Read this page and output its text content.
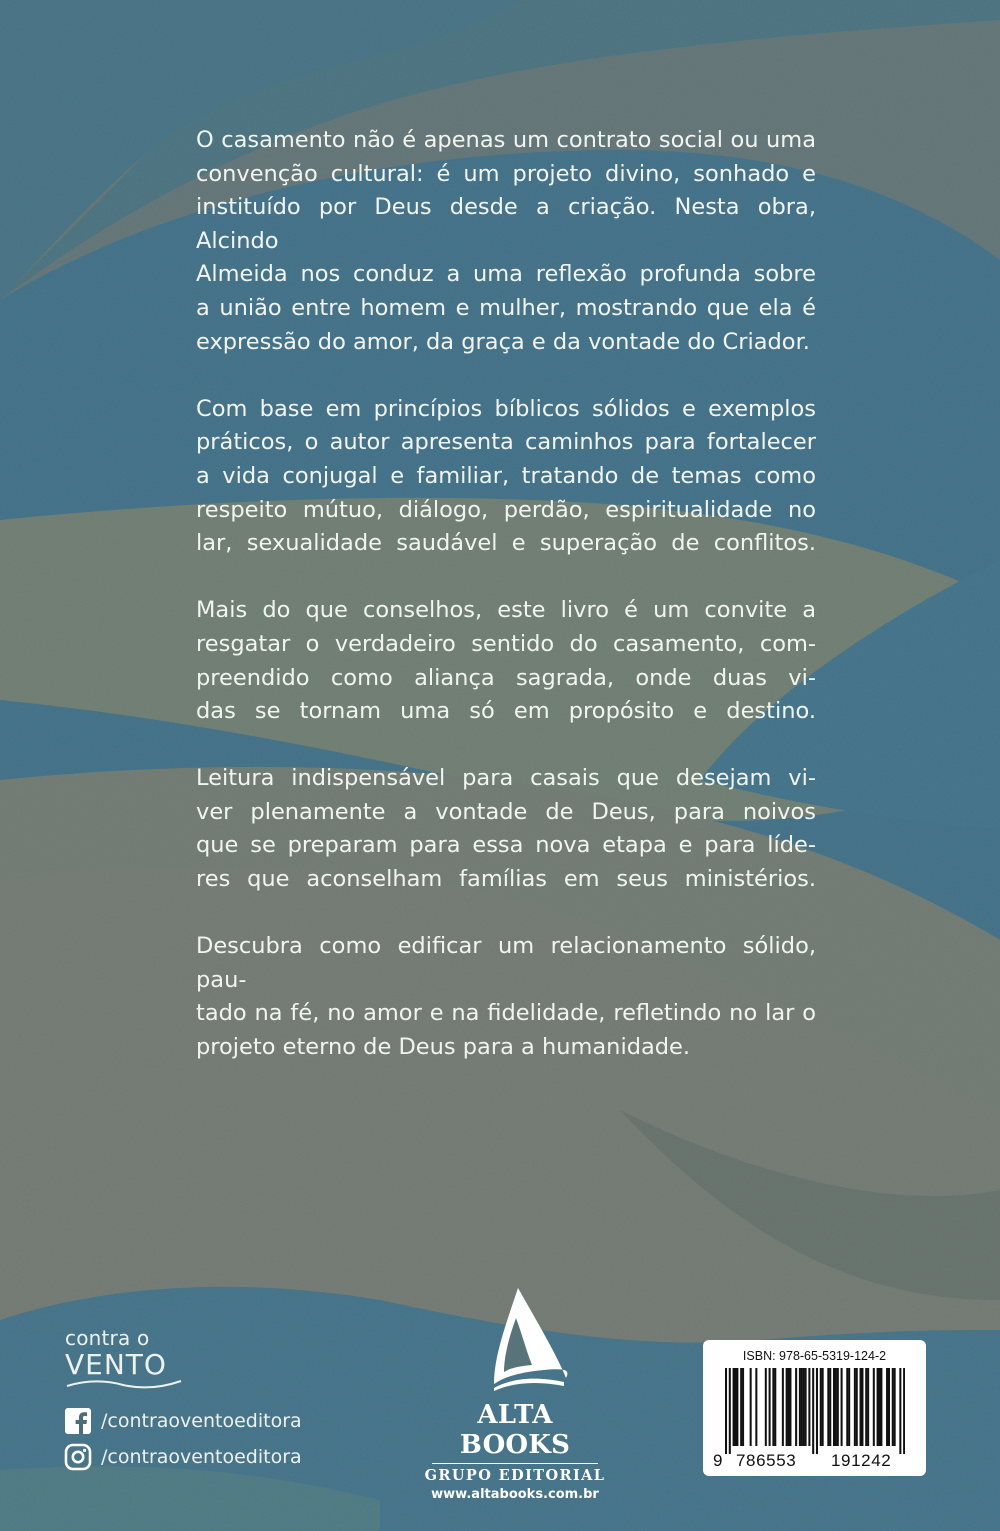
O casamento não é apenas um contrato social ou uma
convenção cultural: é um projeto divino, sonhado e
instituído por Deus desde a criação. Nesta obra, Alcindo
Almeida nos conduz a uma reflexão profunda sobre
a união entre homem e mulher, mostrando que ela é
expressão do amor, da graça e da vontade do Criador.

Com base em princípios bíblicos sólidos e exemplos
práticos, o autor apresenta caminhos para fortalecer
a vida conjugal e familiar, tratando de temas como
respeito mútuo, diálogo, perdão, espiritualidade no
lar, sexualidade saudável e superação de conflitos.

Mais do que conselhos, este livro é um convite a
resgatar o verdadeiro sentido do casamento, com-
preendido como aliança sagrada, onde duas vi-
das se tornam uma só em propósito e destino.

Leitura indispensável para casais que desejam vi-
ver plenamente a vontade de Deus, para noivos
que se preparam para essa nova etapa e para líde-
res que aconselham famílias em seus ministérios.

Descubra como edificar um relacionamento sólido, pau-
tado na fé, no amor e na fidelidade, refletindo no lar o
projeto eterno de Deus para a humanidade.

contra o
VENTO
/contraoventoeditora
/contraoventoeditora
ALTA BOOKS
GRUPO EDITORIAL
www.altabooks.com.br
ISBN: 978-65-5319-124-2
9 786553 191242
